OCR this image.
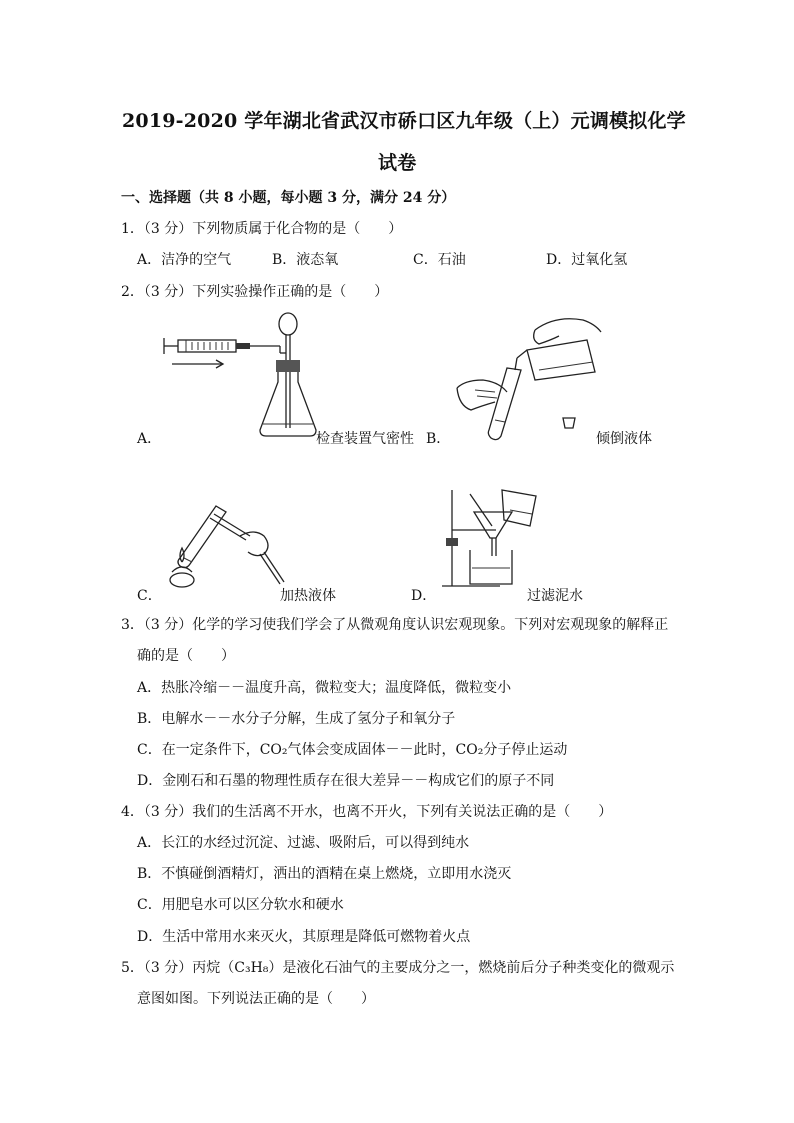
2019-2020 学年湖北省武汉市硚口区九年级（上）元调模拟化学
试卷
一、选择题（共 8 小题，每小题 3 分，满分 24 分）
1．（3 分）下列物质属于化合物的是（　　）
A．洁净的空气	B．液态氧	C．石油	D．过氧化氢
2．（3 分）下列实验操作正确的是（　　）
A．	检查装置气密性 B．	倾倒液体
C．	加热液体	D．	过滤泥水
3．（3 分）化学的学习使我们学会了从微观角度认识宏观现象。下列对宏观现象的解释正
确的是（　　）
A．热胀冷缩－－温度升高，微粒变大；温度降低，微粒变小
B．电解水－－水分子分解，生成了氢分子和氧分子
C．在一定条件下，CO₂气体会变成固体－－此时，CO₂分子停止运动
D．金刚石和石墨的物理性质存在很大差异－－构成它们的原子不同
4．（3 分）我们的生活离不开水，也离不开火，下列有关说法正确的是（　　）
A．长江的水经过沉淀、过滤、吸附后，可以得到纯水
B．不慎碰倒酒精灯，洒出的酒精在桌上燃烧，立即用水浇灭
C．用肥皂水可以区分软水和硬水
D．生活中常用水来灭火，其原理是降低可燃物着火点
5．（3 分）丙烷（C₃H₈）是液化石油气的主要成分之一，燃烧前后分子种类变化的微观示
意图如图。下列说法正确的是（　　）
